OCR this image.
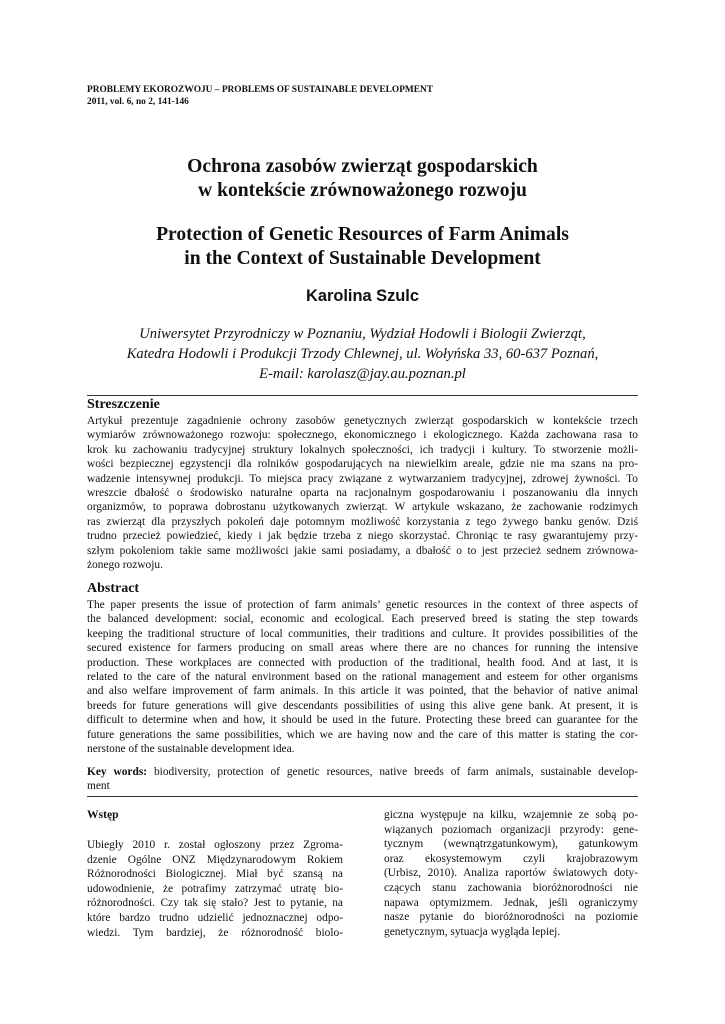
PROBLEMY EKOROZWOJU – PROBLEMS OF SUSTAINABLE DEVELOPMENT
2011, vol. 6, no 2, 141-146
Ochrona zasobów zwierząt gospodarskich
w kontekście zrównoważonego rozwoju
Protection of Genetic Resources of Farm Animals
in the Context of Sustainable Development
Karolina Szulc
Uniwersytet Przyrodniczy w Poznaniu, Wydział Hodowli i Biologii Zwierząt,
Katedra Hodowli i Produkcji Trzody Chlewnej, ul. Wołyńska 33, 60-637 Poznań,
E-mail: karolasz@jay.au.poznan.pl
Streszczenie
Artykuł prezentuje zagadnienie ochrony zasobów genetycznych zwierząt gospodarskich w kontekście trzech
wymiarów zrównoważonego rozwoju: społecznego, ekonomicznego i ekologicznego. Każda zachowana rasa to
krok ku zachowaniu tradycyjnej struktury lokalnych społeczności, ich tradycji i kultury. To stworzenie możli-
wości bezpiecznej egzystencji dla rolników gospodarujących na niewielkim areale, gdzie nie ma szans na pro-
wadzenie intensywnej produkcji. To miejsca pracy związane z wytwarzaniem tradycyjnej, zdrowej żywności. To
wreszcie dbałość o środowisko naturalne oparta na racjonalnym gospodarowaniu i poszanowaniu dla innych
organizmów, to poprawa dobrostanu użytkowanych zwierząt. W artykule wskazano, że zachowanie rodzimych
ras zwierząt dla przyszłych pokoleń daje potomnym możliwość korzystania z tego żywego banku genów. Dziś
trudno przecież powiedzieć, kiedy i jak będzie trzeba z niego skorzystać. Chroniąc te rasy gwarantujemy przy-
szłym pokoleniom takie same możliwości jakie sami posiadamy, a dbałość o to jest przecież sednem zrównowa-
żonego rozwoju.
Abstract
The paper presents the issue of protection of farm animals’ genetic resources in the context of three aspects of
the balanced development: social, economic and ecological. Each preserved breed is stating the step towards
keeping the traditional structure of local communities, their traditions and culture. It provides possibilities of the
secured existence for farmers producing on small areas where there are no chances for running the intensive
production. These workplaces are connected with production of the traditional, health food. And at last, it is
related to the care of the natural environment based on the rational management and esteem for other organisms
and also welfare improvement of farm animals. In this article it was pointed, that the behavior of native animal
breeds for future generations will give descendants possibilities of using this alive gene bank. At present, it is
difficult to determine when and how, it should be used in the future. Protecting these breed can guarantee for the
future generations the same possibilities, which we are having now and the care of this matter is stating the cor-
nerstone of the sustainable development idea.
Key words: biodiversity, protection of genetic resources, native breeds of farm animals, sustainable develop-
ment
Wstęp
Ubiegły 2010 r. został ogłoszony przez Zgroma-
dzenie Ogólne ONZ Międzynarodowym Rokiem
Różnorodności Biologicznej. Miał być szansą na
udowodnienie, że potrafimy zatrzymać utratę bio-
różnorodności. Czy tak się stało? Jest to pytanie, na
które bardzo trudno udzielić jednoznacznej odpo-
wiedzi. Tym bardziej, że różnorodność biolo-
giczna występuje na kilku, wzajemnie ze sobą po-
wiązanych poziomach organizacji przyrody: gene-
tycznym (wewnątrzgatunkowym), gatunkowym
oraz ekosystemowym czyli krajobrazowym
(Urbisz, 2010). Analiza raportów światowych doty-
czących stanu zachowania bioróżnorodności nie
napawa optymizmem. Jednak, jeśli ograniczymy
nasze pytanie do bioróżnorodności na poziomie
genetycznym, sytuacja wygląda lepiej.
